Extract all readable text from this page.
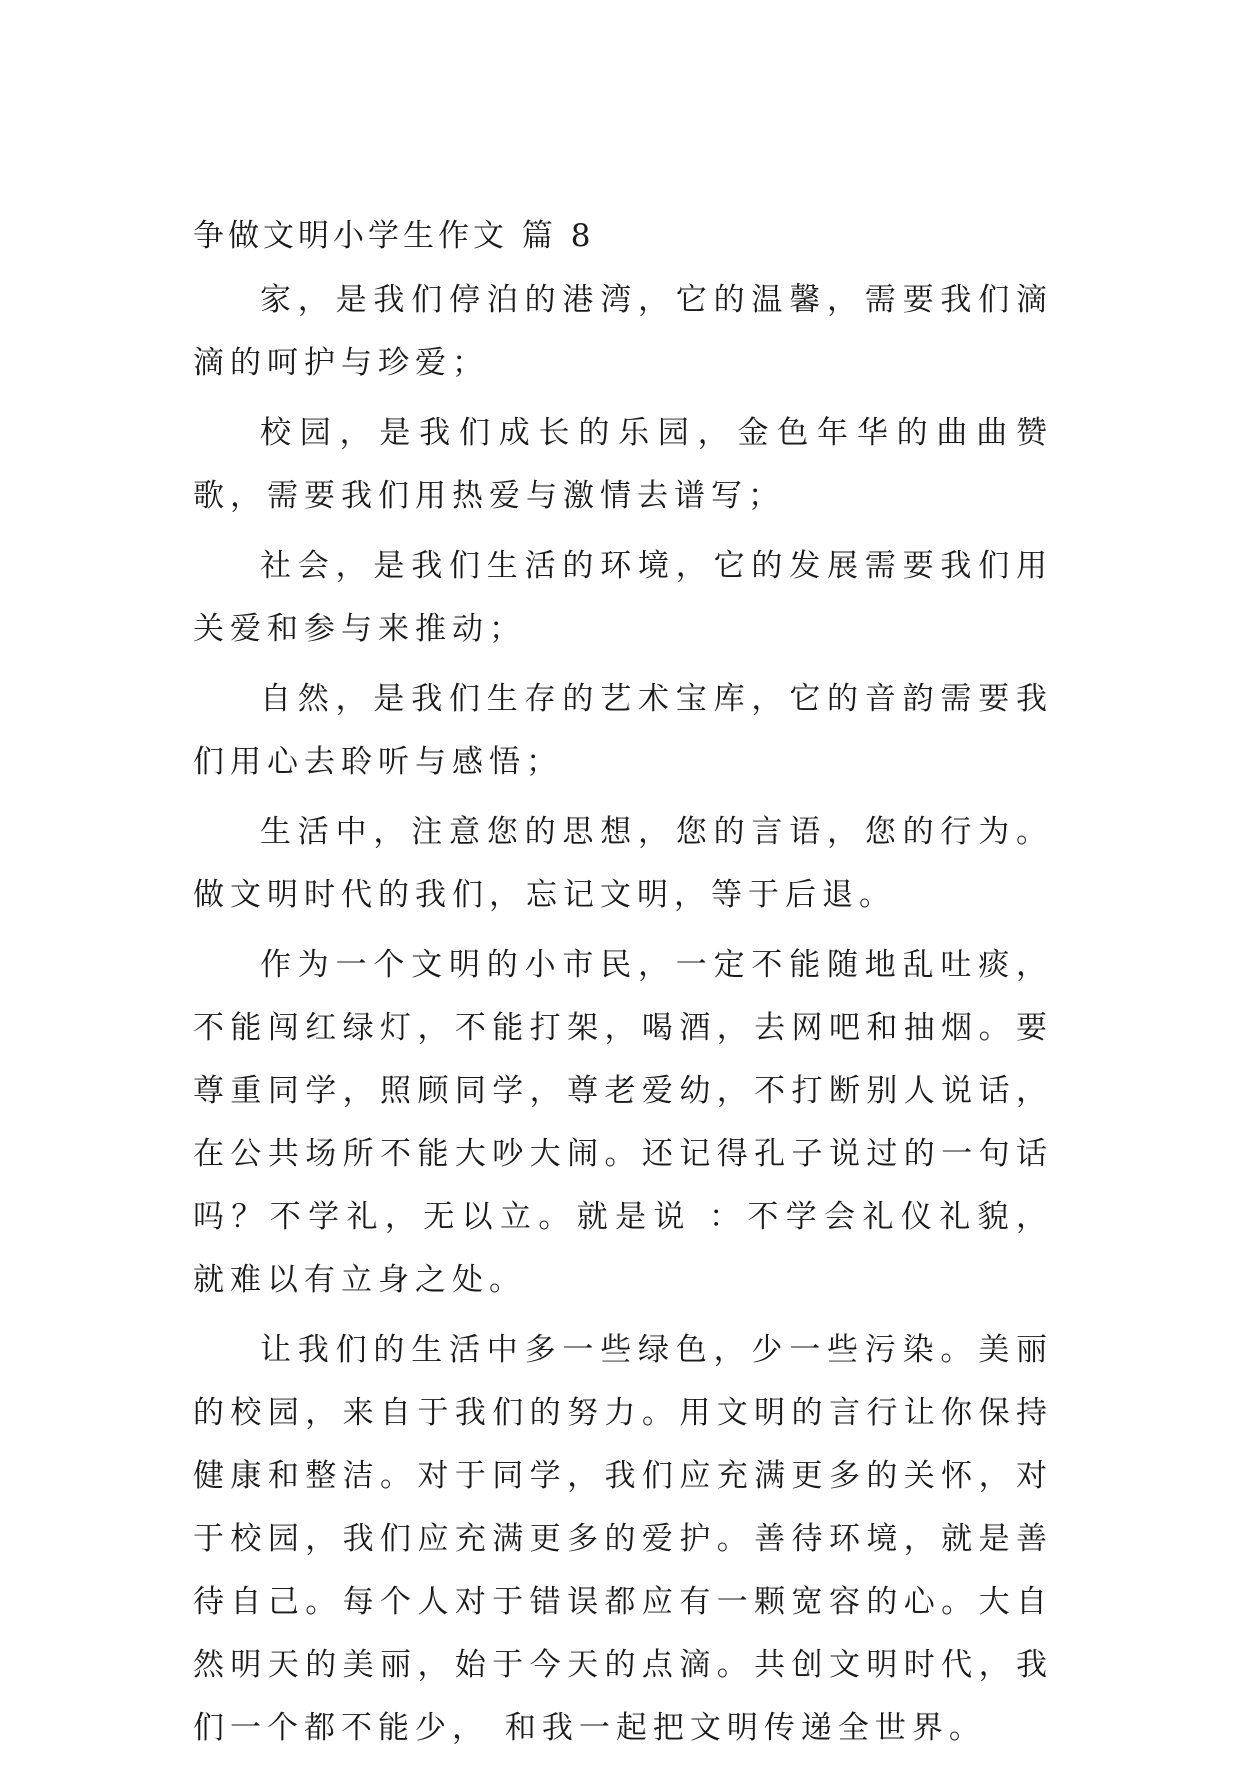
争做文明小学生作文 篇 8

家，是我们停泊的港湾，它的温馨，需要我们滴滴的呵护与珍爱；

校园，是我们成长的乐园，金色年华的曲曲赞歌，需要我们用热爱与激情去谱写；

社会，是我们生活的环境，它的发展需要我们用关爱和参与来推动；

自然，是我们生存的艺术宝库，它的音韵需要我们用心去聆听与感悟；

生活中，注意您的思想，您的言语，您的行为。做文明时代的我们，忘记文明，等于后退。

作为一个文明的小市民，一定不能随地乱吐痰，不能闯红绿灯，不能打架，喝酒，去网吧和抽烟。要尊重同学，照顾同学，尊老爱幼，不打断别人说话，在公共场所不能大吵大闹。还记得孔子说过的一句话吗？不学礼，无以立。就是说 ：不学会礼仪礼貌，就难以有立身之处。

让我们的生活中多一些绿色，少一些污染。美丽的校园，来自于我们的努力。用文明的言行让你保持健康和整洁。对于同学，我们应充满更多的关怀，对于校园，我们应充满更多的爱护。善待环境，就是善待自己。每个人对于错误都应有一颗宽容的心。大自然明天的美丽，始于今天的点滴。共创文明时代，我们一个都不能少， 和我一起把文明传递全世界。
